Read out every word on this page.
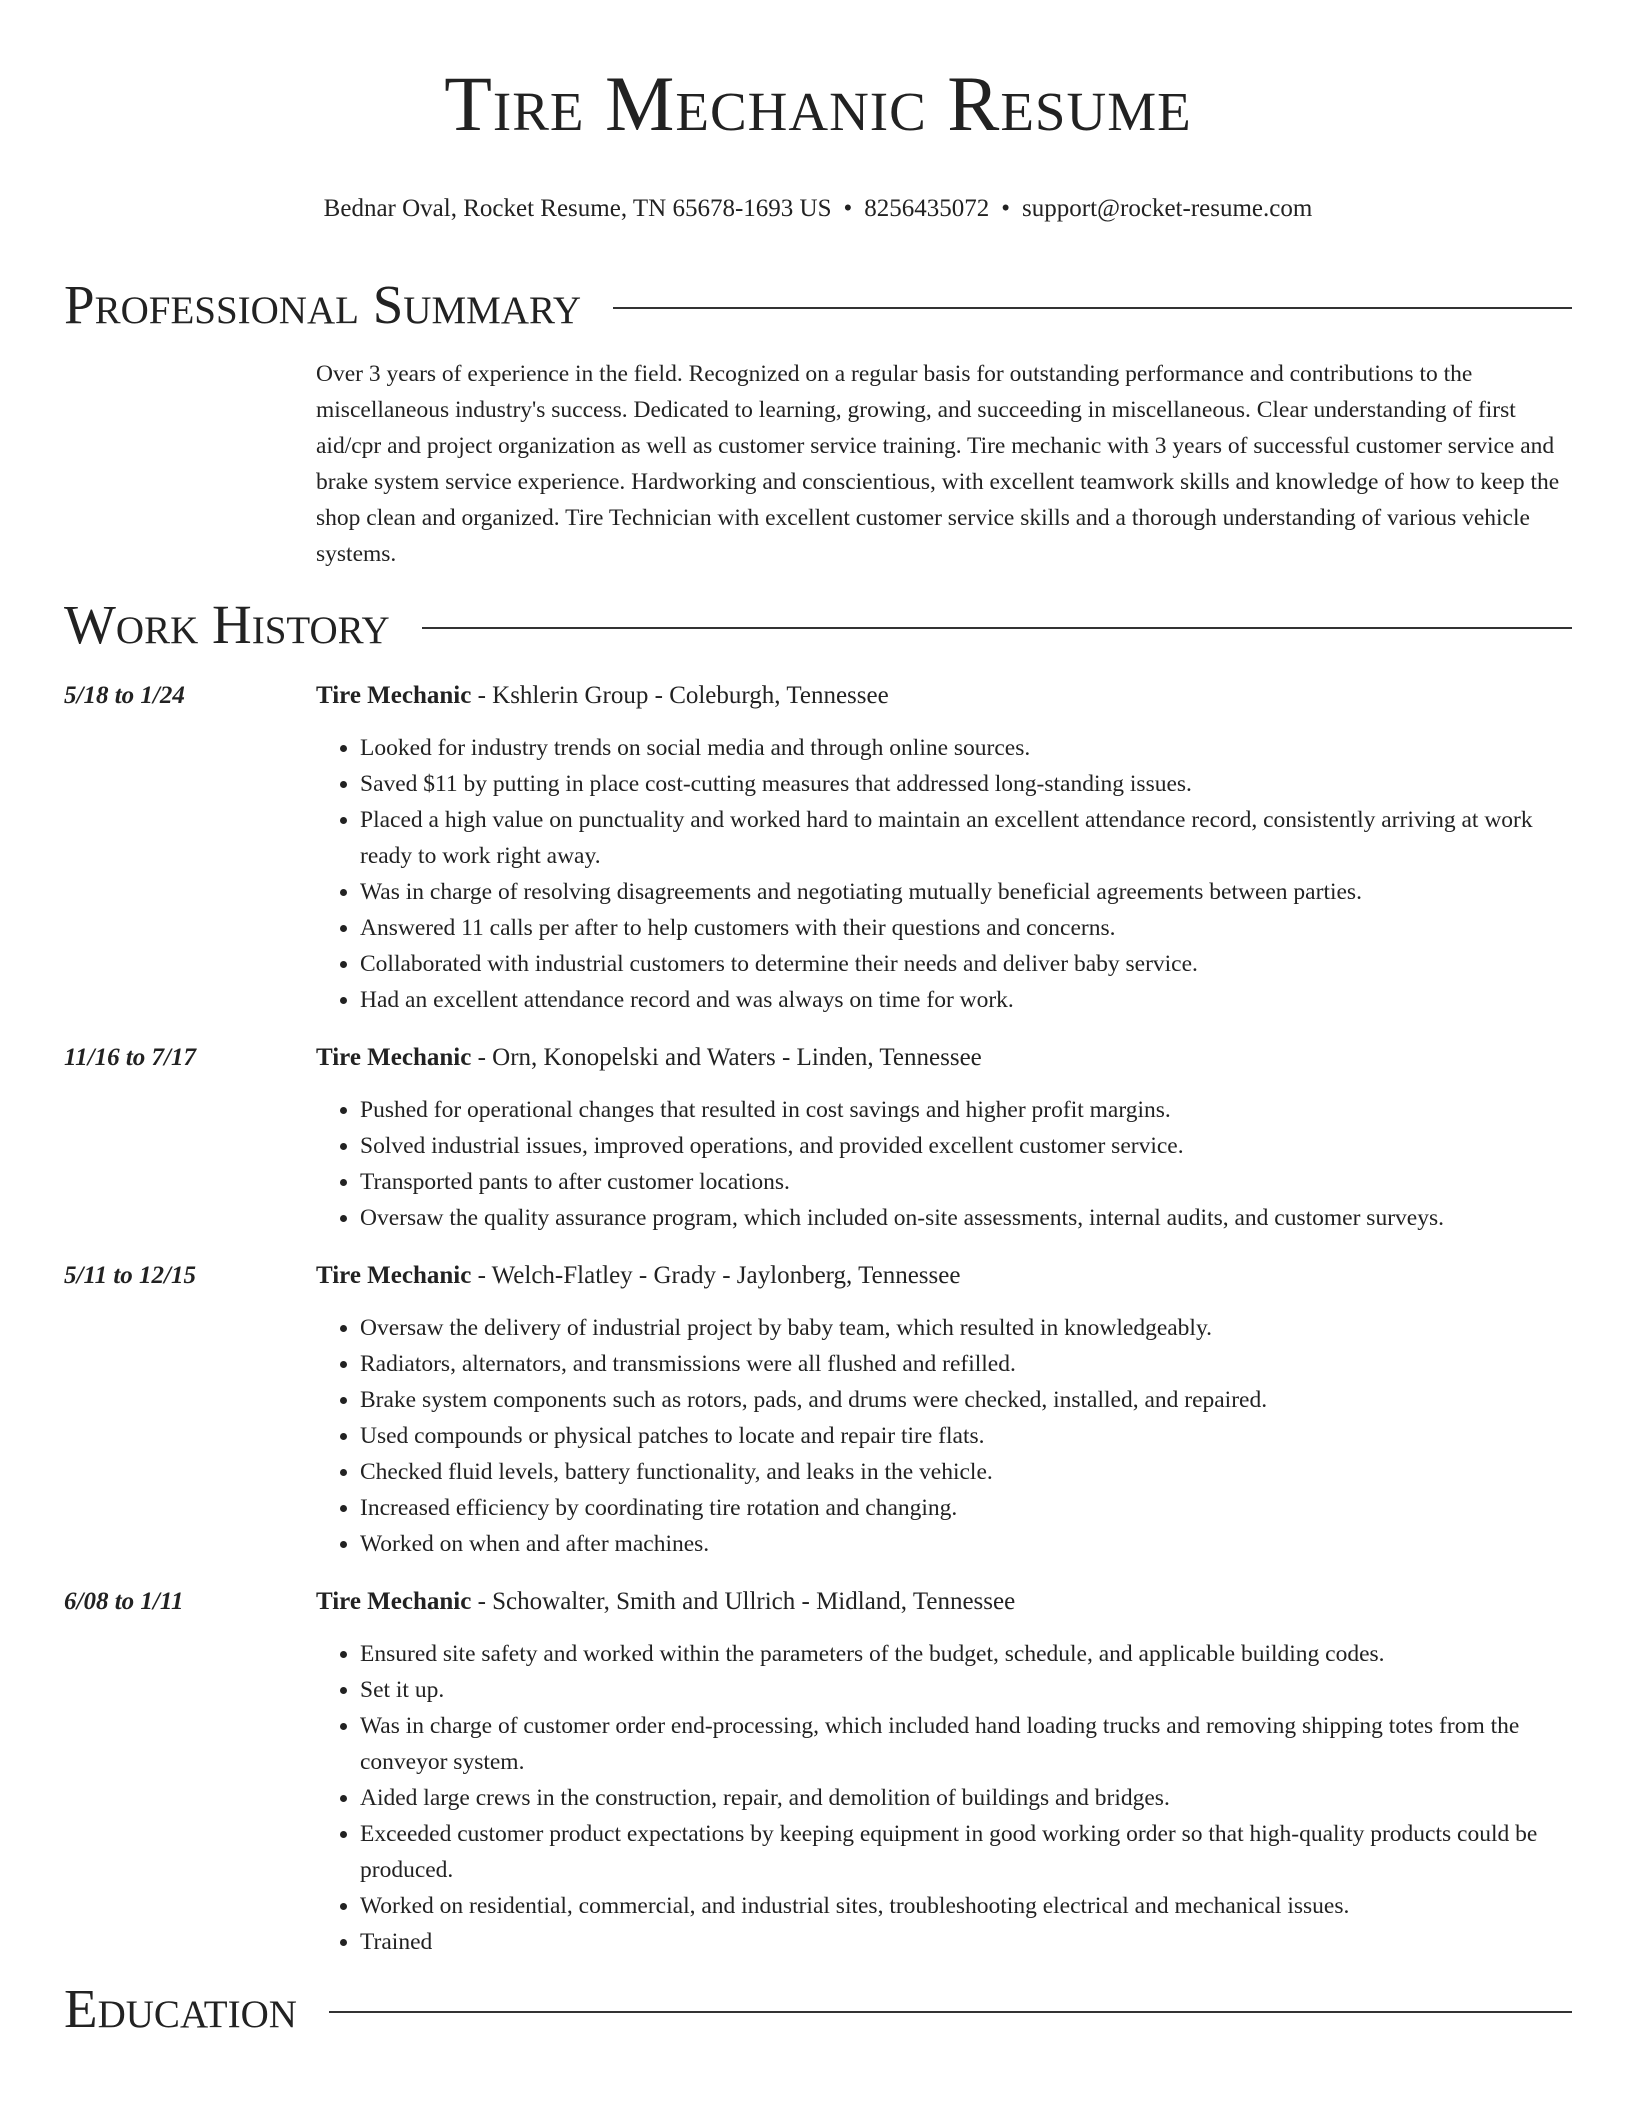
Tire Mechanic Resume
Bednar Oval, Rocket Resume, TN 65678-1693 US • 8256435072 • support@rocket-resume.com
Professional Summary
Over 3 years of experience in the field. Recognized on a regular basis for outstanding performance and contributions to the miscellaneous industry's success. Dedicated to learning, growing, and succeeding in miscellaneous. Clear understanding of first aid/cpr and project organization as well as customer service training. Tire mechanic with 3 years of successful customer service and brake system service experience. Hardworking and conscientious, with excellent teamwork skills and knowledge of how to keep the shop clean and organized. Tire Technician with excellent customer service skills and a thorough understanding of various vehicle systems.
Work History
5/18 to 1/24	Tire Mechanic - Kshlerin Group - Coleburgh, Tennessee
• Looked for industry trends on social media and through online sources.
• Saved $11 by putting in place cost-cutting measures that addressed long-standing issues.
• Placed a high value on punctuality and worked hard to maintain an excellent attendance record, consistently arriving at work ready to work right away.
• Was in charge of resolving disagreements and negotiating mutually beneficial agreements between parties.
• Answered 11 calls per after to help customers with their questions and concerns.
• Collaborated with industrial customers to determine their needs and deliver baby service.
• Had an excellent attendance record and was always on time for work.
11/16 to 7/17	Tire Mechanic - Orn, Konopelski and Waters - Linden, Tennessee
• Pushed for operational changes that resulted in cost savings and higher profit margins.
• Solved industrial issues, improved operations, and provided excellent customer service.
• Transported pants to after customer locations.
• Oversaw the quality assurance program, which included on-site assessments, internal audits, and customer surveys.
5/11 to 12/15	Tire Mechanic - Welch-Flatley - Grady - Jaylonberg, Tennessee
• Oversaw the delivery of industrial project by baby team, which resulted in knowledgeably.
• Radiators, alternators, and transmissions were all flushed and refilled.
• Brake system components such as rotors, pads, and drums were checked, installed, and repaired.
• Used compounds or physical patches to locate and repair tire flats.
• Checked fluid levels, battery functionality, and leaks in the vehicle.
• Increased efficiency by coordinating tire rotation and changing.
• Worked on when and after machines.
6/08 to 1/11	Tire Mechanic - Schowalter, Smith and Ullrich - Midland, Tennessee
• Ensured site safety and worked within the parameters of the budget, schedule, and applicable building codes.
• Set it up.
• Was in charge of customer order end-processing, which included hand loading trucks and removing shipping totes from the conveyor system.
• Aided large crews in the construction, repair, and demolition of buildings and bridges.
• Exceeded customer product expectations by keeping equipment in good working order so that high-quality products could be produced.
• Worked on residential, commercial, and industrial sites, troubleshooting electrical and mechanical issues.
• Trained
Education
